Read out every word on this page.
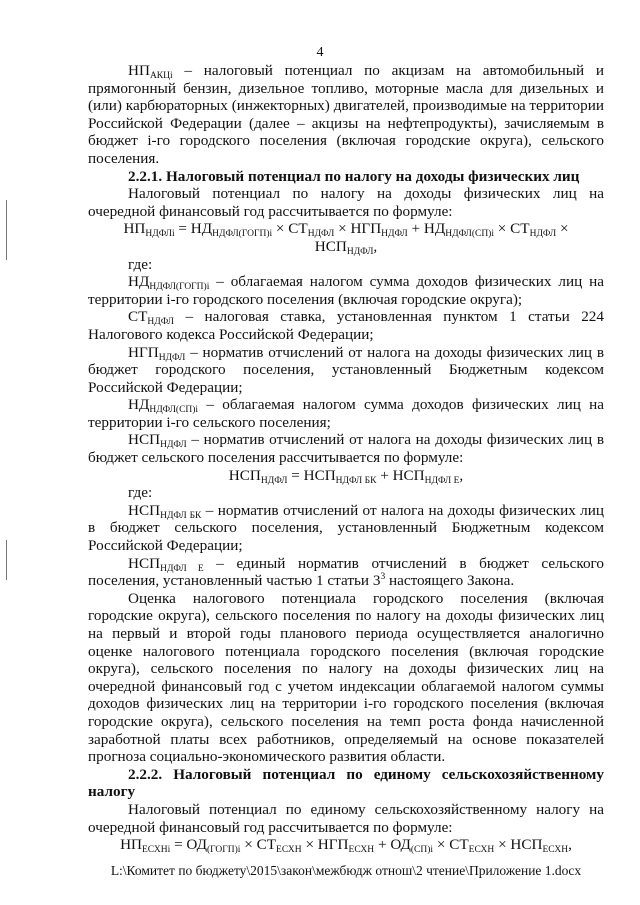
4

$НП_{АКЦi}$ – налоговый потенциал по акцизам на автомобильный и прямогонный бензин, дизельное топливо, моторные масла для дизельных и (или) карбюраторных (инжекторных) двигателей, производимые на территории Российской Федерации (далее – акцизы на нефтепродукты), зачисляемым в бюджет i-го городского поселения (включая городские округа), сельского поселения.

2.2.1. Налоговый потенциал по налогу на доходы физических лиц

Налоговый потенциал по налогу на доходы физических лиц на очередной финансовый год рассчитывается по формуле:

$НП_{НДФЛi} = НД_{НДФЛ(ГОГП)i} \times СТ_{НДФЛ} \times НГП_{НДФЛ} + НД_{НДФЛ(СП)i} \times СТ_{НДФЛ}$ ×
$НСП_{НДФЛ}$,

где:

$НД_{НДФЛ(ГОГП)i}$ – облагаемая налогом сумма доходов физических лиц на территории i-го городского поселения (включая городские округа);

$СТ_{НДФЛ}$ – налоговая ставка, установленная пунктом 1 статьи 224 Налогового кодекса Российской Федерации;

$НГП_{НДФЛ}$ – норматив отчислений от налога на доходы физических лиц в бюджет городского поселения, установленный Бюджетным кодексом Российской Федерации;

$НД_{НДФЛ(СП)i}$ – облагаемая налогом сумма доходов физических лиц на территории i-го сельского поселения;

$НСП_{НДФЛ}$ – норматив отчислений от налога на доходы физических лиц в бюджет сельского поселения рассчитывается по формуле:

$НСП_{НДФЛ} = НСП_{НДФЛ БК} + НСП_{НДФЛ Е}$,

где:

$НСП_{НДФЛ БК}$ – норматив отчислений от налога на доходы физических лиц в бюджет сельского поселения, установленный Бюджетным кодексом Российской Федерации;

$НСП_{НДФЛ Е}$ – единый норматив отчислений в бюджет сельского поселения, установленный частью 1 статьи $3^3$ настоящего Закона.

Оценка налогового потенциала городского поселения (включая городские округа), сельского поселения по налогу на доходы физических лиц на первый и второй годы планового периода осуществляется аналогично оценке налогового потенциала городского поселения (включая городские округа), сельского поселения по налогу на доходы физических лиц на очередной финансовый год с учетом индексации облагаемой налогом суммы доходов физических лиц на территории i-го городского поселения (включая городские округа), сельского поселения на темп роста фонда начисленной заработной платы всех работников, определяемый на основе показателей прогноза социально-экономического развития области.

2.2.2. Налоговый потенциал по единому сельскохозяйственному налогу

Налоговый потенциал по единому сельскохозяйственному налогу на очередной финансовый год рассчитывается по формуле:

$НП_{ЕСХНi} = ОД_{(ГОГП)i} \times СТ_{ЕСХН} \times НГП_{ЕСХН} + ОД_{(СП)i} \times СТ_{ЕСХН} \times НСП_{ЕСХН}$,

L:\Комитет по бюджету\2015\закон\межбюдж отнош\2 чтение\Приложение 1.docx
